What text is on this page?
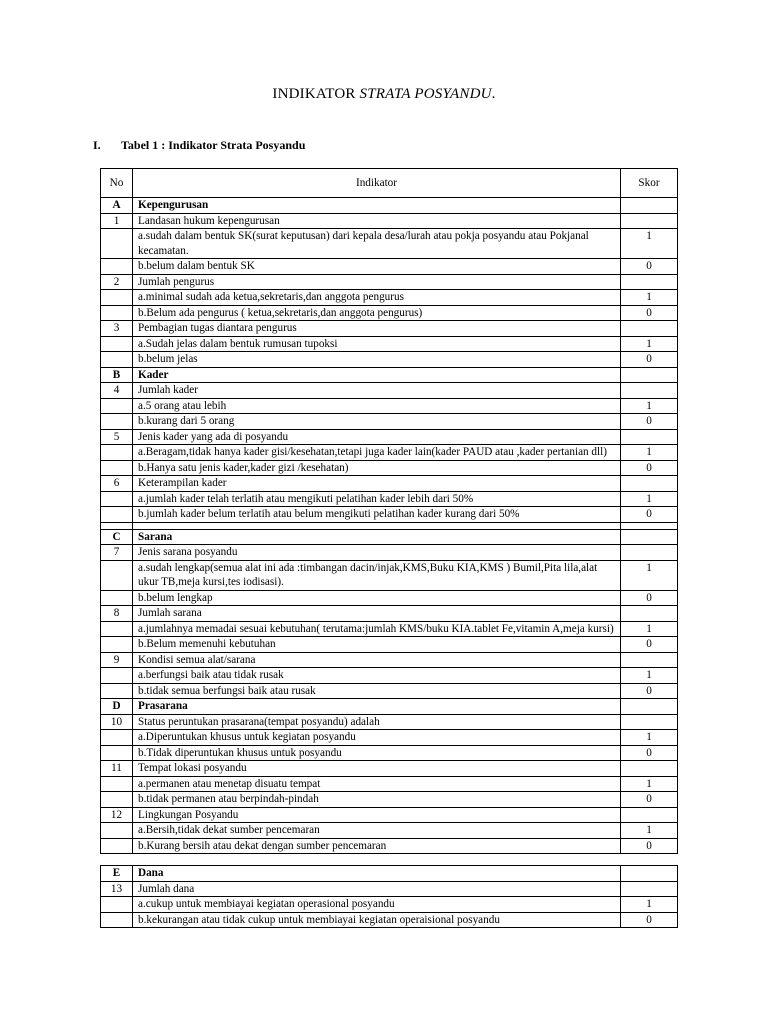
INDIKATOR STRATA POSYANDU.
I. Tabel 1 : Indikator Strata Posyandu
No	Indikator	Skor
A	Kepengurusan	
1	Landasan hukum kepengurusan	
	a.sudah dalam bentuk SK(surat keputusan) dari kepala desa/lurah atau pokja posyandu atau Pokjanal kecamatan.	1
	b.belum dalam bentuk SK	0
2	Jumlah pengurus	
	a.minimal sudah ada ketua,sekretaris,dan anggota pengurus	1
	b.Belum ada pengurus ( ketua,sekretaris,dan anggota pengurus)	0
3	Pembagian tugas diantara pengurus	
	a.Sudah jelas dalam bentuk rumusan tupoksi	1
	b.belum jelas	0
B	Kader	
4	Jumlah kader	
	a.5 orang atau lebih	1
	b.kurang dari 5 orang	0
5	Jenis kader yang ada di posyandu	
	a.Beragam,tidak hanya kader gisi/kesehatan,tetapi juga kader lain(kader PAUD atau ,kader pertanian dll)	1
	b.Hanya satu jenis kader,kader gizi /kesehatan)	0
6	Keterampilan kader	
	a.jumlah kader telah terlatih atau mengikuti pelatihan kader lebih dari 50%	1
	b.jumlah kader belum terlatih atau belum mengikuti pelatihan kader kurang dari 50%	0

C	Sarana	
7	Jenis sarana posyandu	
	a.sudah lengkap(semua alat ini ada :timbangan dacin/injak,KMS,Buku KIA,KMS ) Bumil,Pita lila,alat ukur TB,meja kursi,tes iodisasi).	1
	b.belum lengkap	0
8	Jumlah sarana	
	a.jumlahnya memadai sesuai kebutuhan( terutama:jumlah KMS/buku KIA.tablet Fe,vitamin A,meja kursi)	1
	b.Belum memenuhi kebutuhan	0
9	Kondisi semua alat/sarana	
	a.berfungsi baik atau tidak rusak	1
	b.tidak semua berfungsi baik atau rusak	0
D	Prasarana	
10	Status peruntukan prasarana(tempat posyandu) adalah	
	a.Diperuntukan khusus untuk kegiatan posyandu	1
	b.Tidak diperuntukan khusus untuk posyandu	0
11	Tempat lokasi posyandu	
	a.permanen atau menetap disuatu tempat	1
	b.tidak permanen atau berpindah-pindah	0
12	Lingkungan Posyandu	
	a.Bersih,tidak dekat sumber pencemaran	1
	b.Kurang bersih atau dekat dengan sumber pencemaran	0
E	Dana	
13	Jumlah dana	
	a.cukup untuk membiayai kegiatan operasional posyandu	1
	b.kekurangan atau tidak cukup untuk membiayai kegiatan operaisional posyandu	0
